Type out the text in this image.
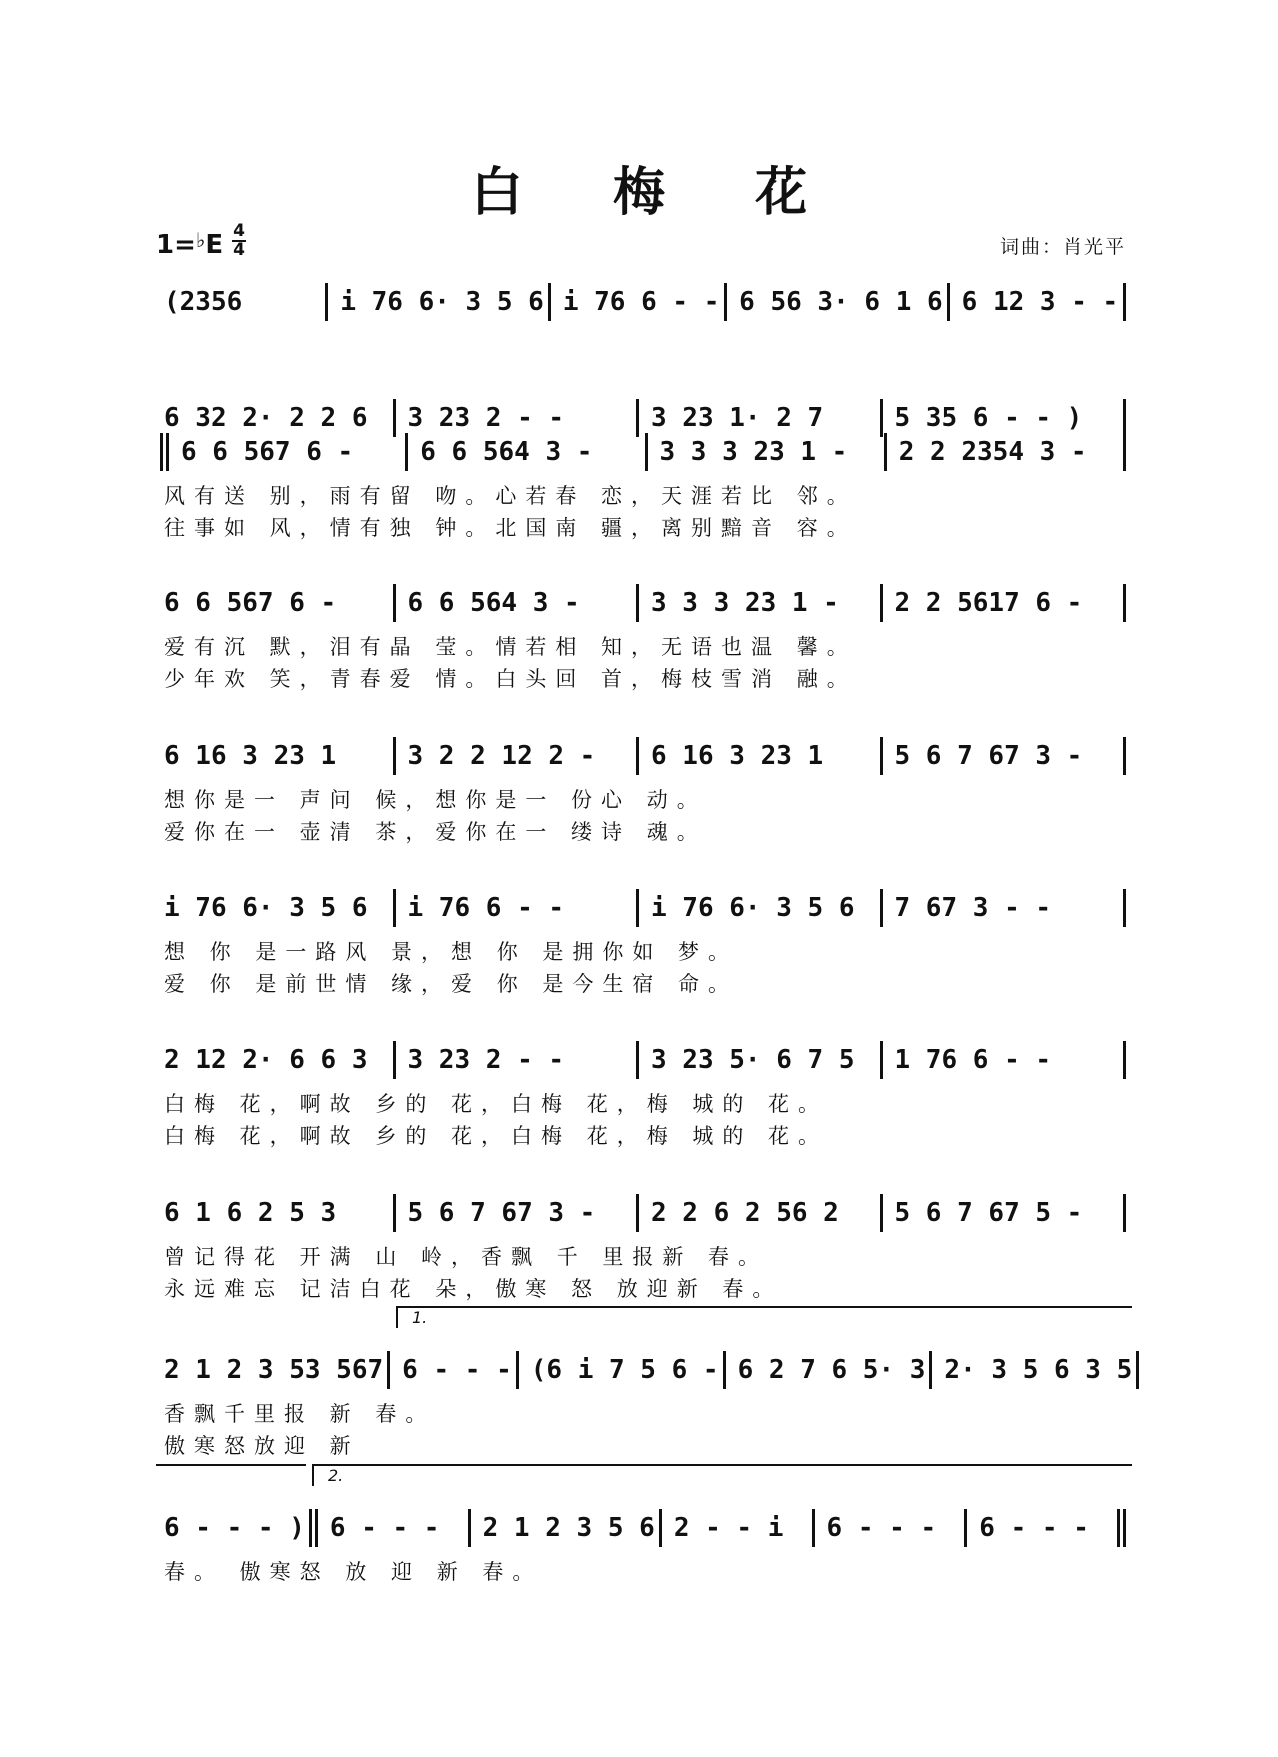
白 梅 花
1=♭E 4
4	词曲：肖光平
(2356	i 76 6· 3 5 6 i 76 6 - - 6 56 3· 6 1 6 6 12 3 - -
6 32 2· 2 2 6	3 23 2 - -	3 23 1· 2 7	5 35 6 - - )
6 6 567 6 -	6 6 564 3 -	3 3 3 23 1 -	2 2 2354 3 -
风有送 别，雨有留 吻。心若春 恋，天涯若比 邻。
往事如 风，情有独 钟。北国南 疆，离别黯音 容。
6 6 567 6 -	6 6 564 3 -	3 3 3 23 1 -	2 2 5617 6 -
爱有沉 默，泪有晶 莹。情若相 知，无语也温 馨。
少年欢 笑，青春爱 情。白头回 首，梅枝雪消 融。
6 16 3 23 1	3 2 2 12 2 -	6 16 3 23 1	5 6 7 67 3 -
想你是一 声问 候，想你是一 份心 动。
爱你在一 壶清 茶，爱你在一 缕诗 魂。
i 76 6· 3 5 6	i 76 6 - -	i 76 6· 3 5 6	7 67 3 - -
想 你 是一路风 景，想 你 是拥你如 梦。
爱 你 是前世情 缘，爱 你 是今生宿 命。
2 12 2· 6 6 3	3 23 2 - -	3 23 5· 6 7 5	1 76 6 - -
白梅 花，啊故 乡的 花，白梅 花，梅 城的 花。
白梅 花，啊故 乡的 花，白梅 花，梅 城的 花。
6 1 6 2 5 3	5 6 7 67 3 -	2 2 6 2 56 2	5 6 7 67 5 -
曾记得花 开满 山 岭，香飘 千 里报新 春。
永远难忘 记洁白花 朵，傲寒 怒 放迎新 春。
2 1 2 3 53 567 6 - - - (6 i 7 5 6 - 6 2 7 6 5· 3 2· 3 5 6 3 5
香飘千里报 新 春。
傲寒怒放迎 新
1.
6 - - - ) 6 - - -	2 1 2 3 5 6 2 - - i	6 - - -	6 - - -
春。 傲寒怒 放 迎 新 春。
2.
